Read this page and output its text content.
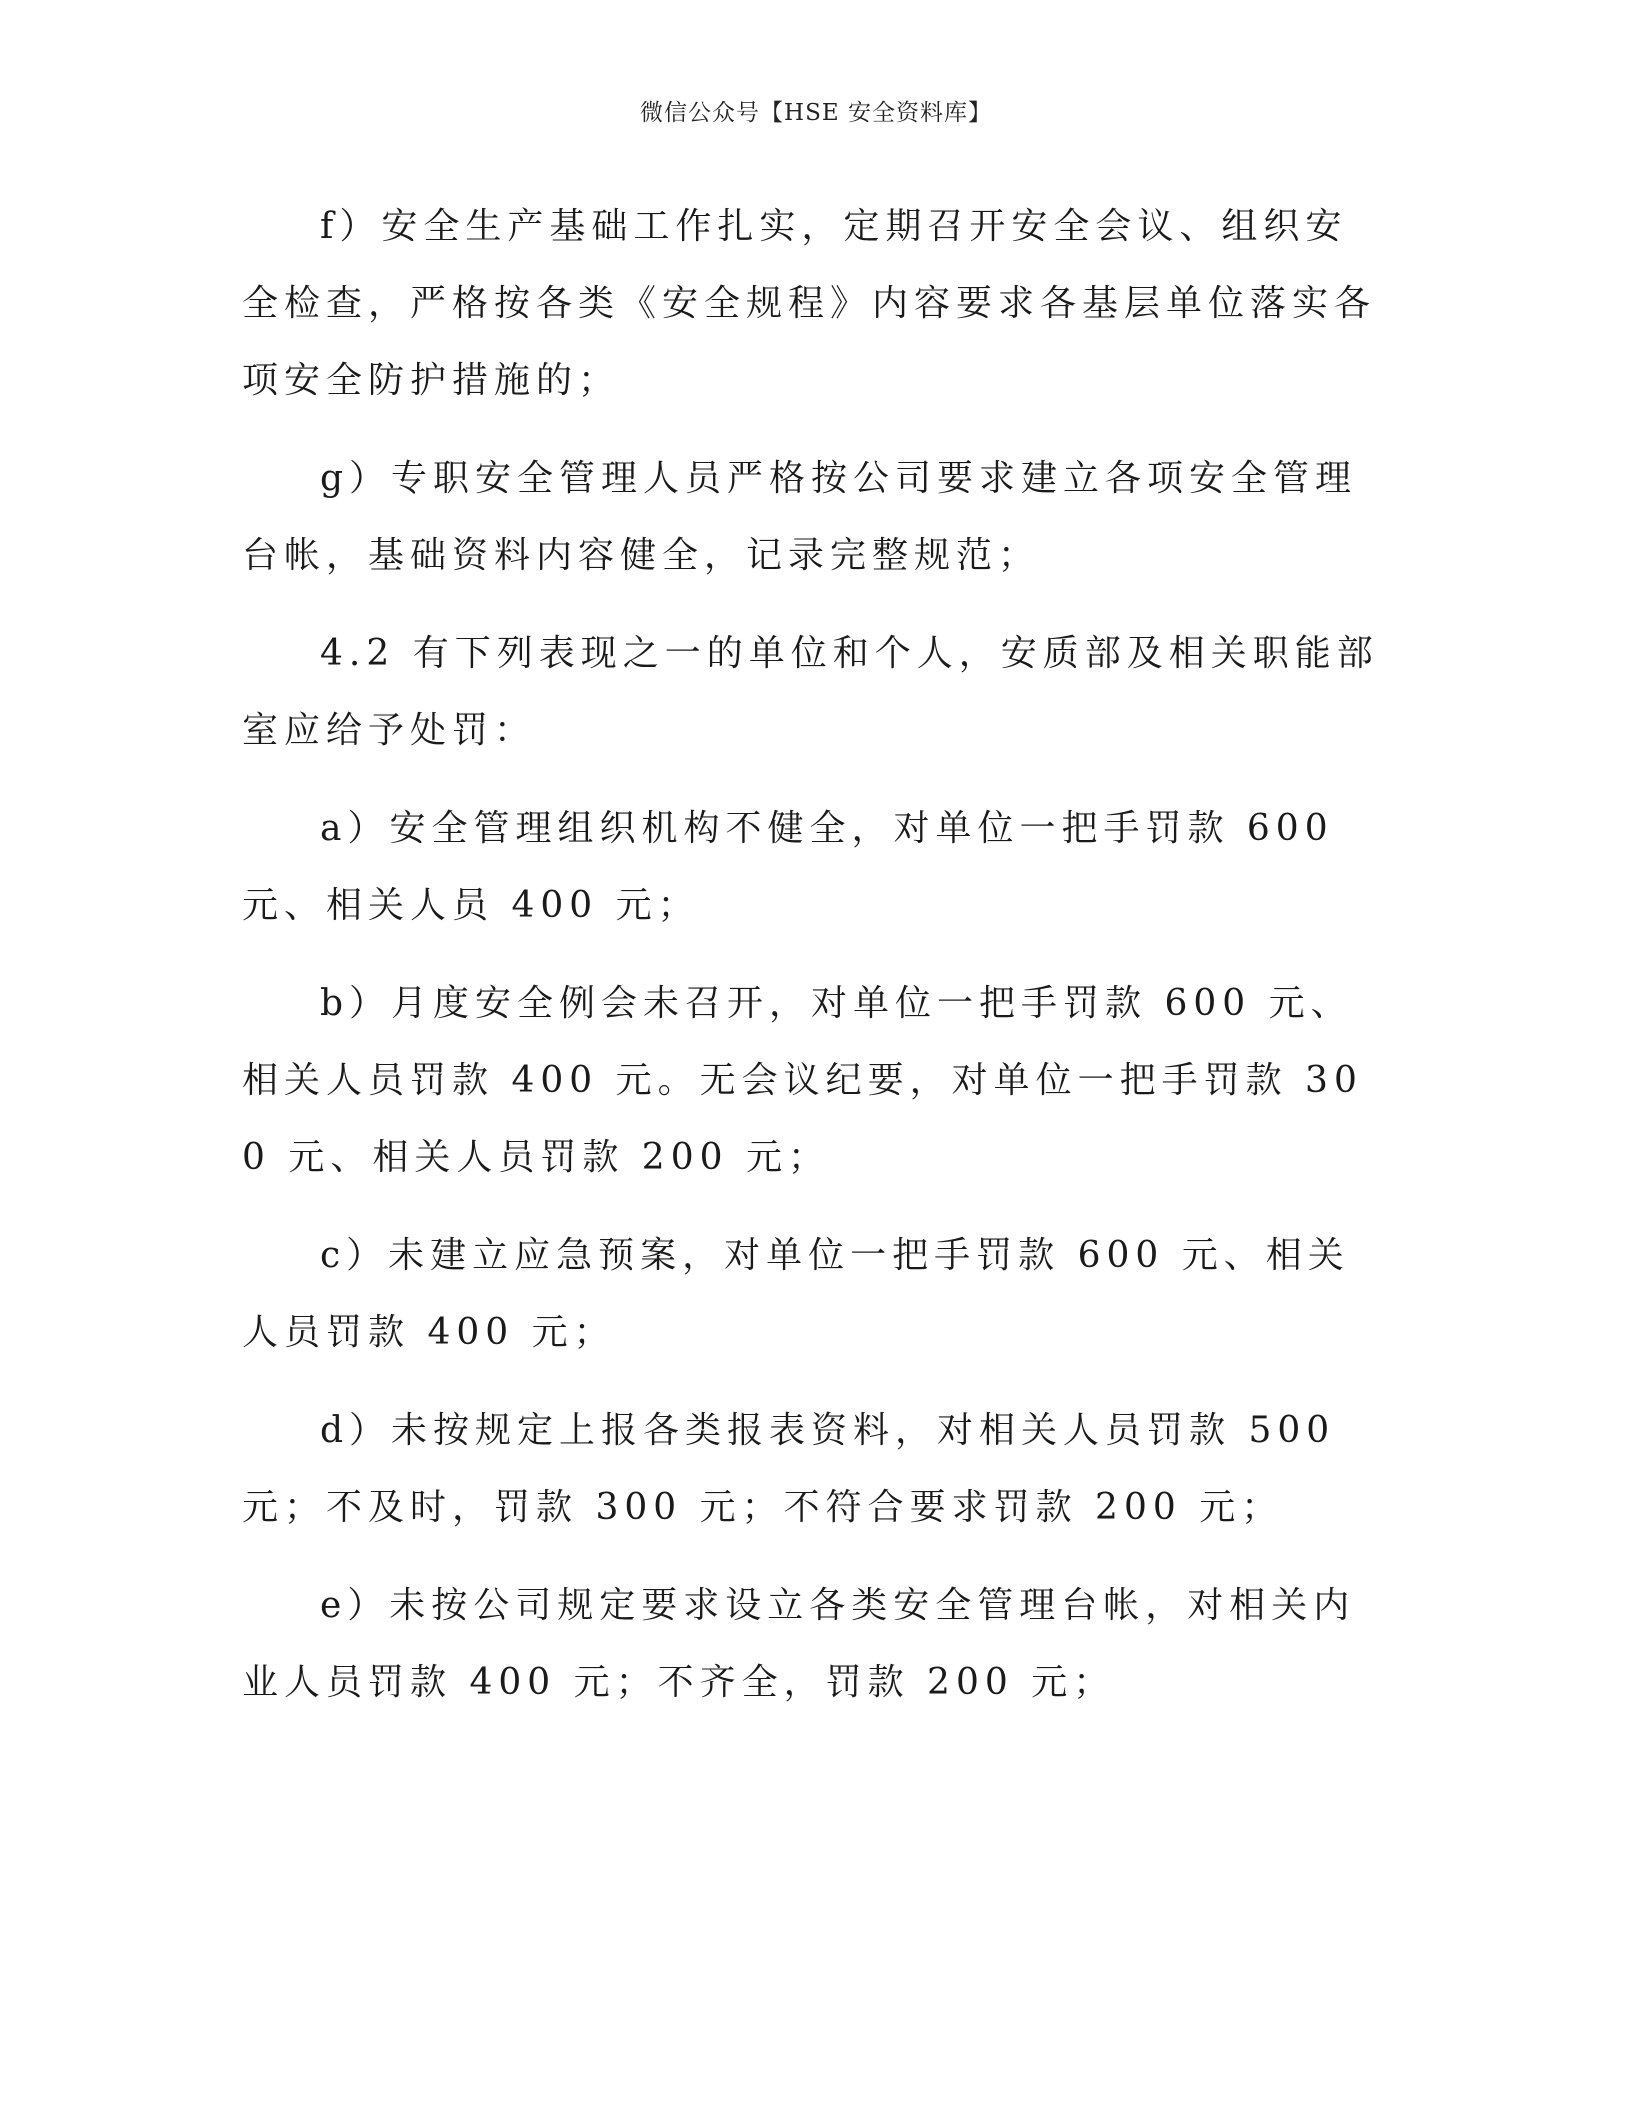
微信公众号【HSE 安全资料库】

f）安全生产基础工作扎实，定期召开安全会议、组织安全检查，严格按各类《安全规程》内容要求各基层单位落实各项安全防护措施的；

g）专职安全管理人员严格按公司要求建立各项安全管理台帐，基础资料内容健全，记录完整规范；

4.2 有下列表现之一的单位和个人，安质部及相关职能部室应给予处罚：

a）安全管理组织机构不健全，对单位一把手罚款 600 元、相关人员 400 元；

b）月度安全例会未召开，对单位一把手罚款 600 元、相关人员罚款 400 元。无会议纪要，对单位一把手罚款 300 元、相关人员罚款 200 元；

c）未建立应急预案，对单位一把手罚款 600 元、相关人员罚款 400 元；

d）未按规定上报各类报表资料，对相关人员罚款 500 元；不及时，罚款 300 元；不符合要求罚款 200 元；

e）未按公司规定要求设立各类安全管理台帐，对相关内业人员罚款 400 元；不齐全，罚款 200 元；
